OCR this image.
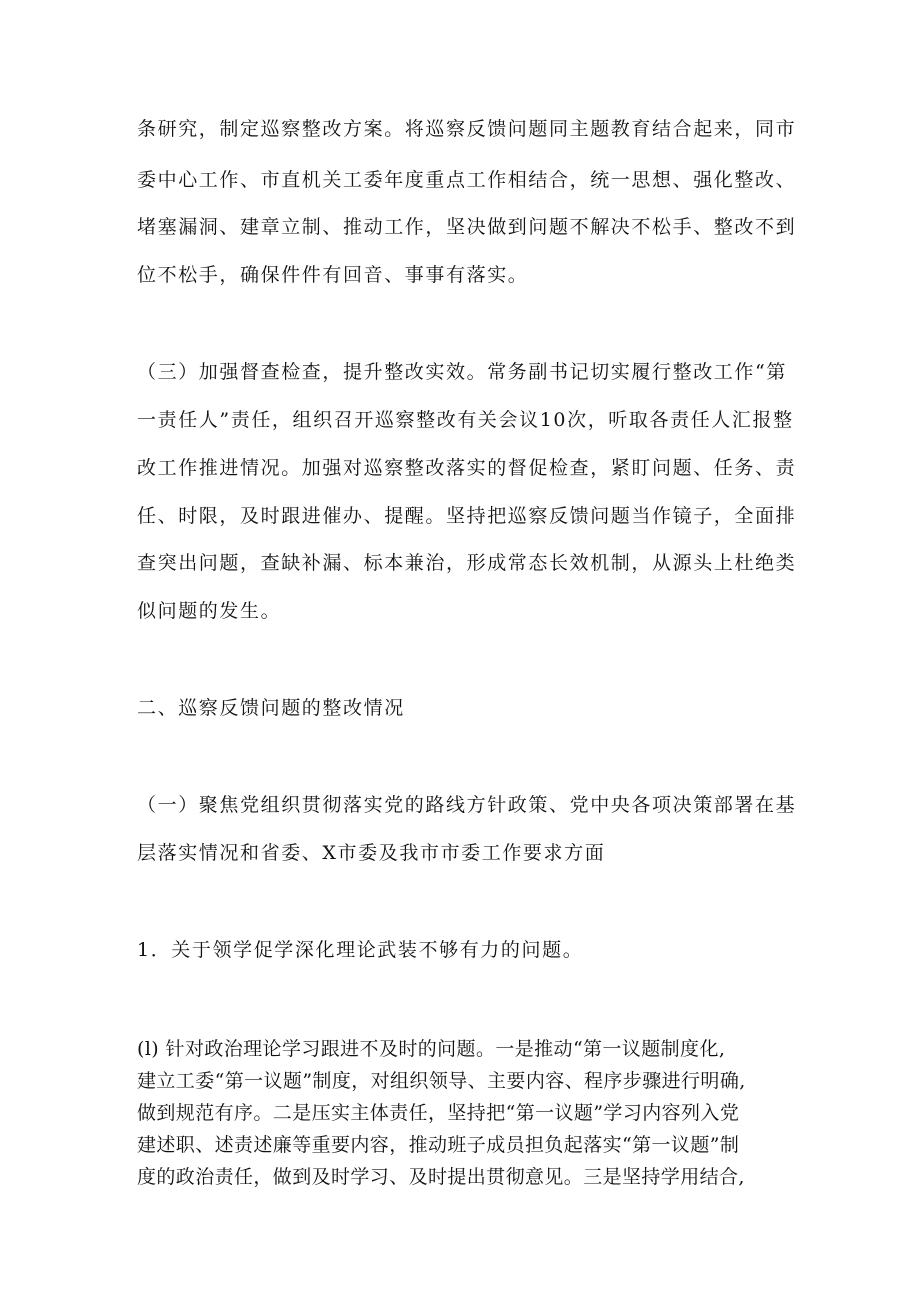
条研究，制定巡察整改方案。将巡察反馈问题同主题教育结合起来，同市
委中心工作、市直机关工委年度重点工作相结合，统一思想、强化整改、
堵塞漏洞、建章立制、推动工作，坚决做到问题不解决不松手、整改不到
位不松手，确保件件有回音、事事有落实。
（三）加强督查检查，提升整改实效。常务副书记切实履行整改工作“第
一责任人”责任，组织召开巡察整改有关会议10次，听取各责任人汇报整
改工作推进情况。加强对巡察整改落实的督促检查，紧盯问题、任务、责
任、时限，及时跟进催办、提醒。坚持把巡察反馈问题当作镜子，全面排
查突出问题，查缺补漏、标本兼治，形成常态长效机制，从源头上杜绝类
似问题的发生。
二、巡察反馈问题的整改情况
（一）聚焦党组织贯彻落实党的路线方针政策、党中央各项决策部署在基
层落实情况和省委、X市委及我市市委工作要求方面
1．关于领学促学深化理论武装不够有力的问题。
(l) 针对政治理论学习跟进不及时的问题。一是推动“第一议题制度化,
建立工委“第一议题”制度，对组织领导、主要内容、程序步骤进行明确,
做到规范有序。二是压实主体责任，坚持把“第一议题”学习内容列入党
建述职、述责述廉等重要内容，推动班子成员担负起落实“第一议题”制
度的政治责任，做到及时学习、及时提出贯彻意见。三是坚持学用结合,
